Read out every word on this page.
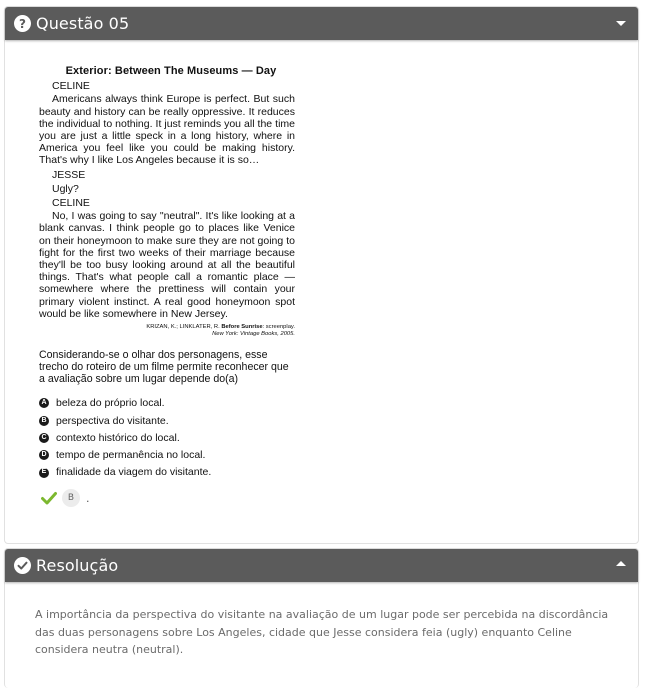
? Questão 05
Exterior: Between The Museums — Day
CELINE

Americans always think Europe is perfect. But such beauty and history can be really oppressive. It reduces the individual to nothing. It just reminds you all the time you are just a little speck in a long history, where in America you feel like you could be making history. That's why I like Los Angeles because it is so…

JESSE
Ugly?
CELINE

No, I was going to say "neutral". It's like looking at a blank canvas. I think people go to places like Venice on their honeymoon to make sure they are not going to fight for the first two weeks of their marriage because they'll be too busy looking around at all the beautiful things. That's what people call a romantic place — somewhere where the prettiness will contain your primary violent instinct. A real good honeymoon spot would be like somewhere in New Jersey.

KRIZAN, K.; LINKLATER, R. Before Sunrise: screenplay.
New York: Vintage Books, 2005.
Considerando-se o olhar dos personagens, esse trecho do roteiro de um filme permite reconhecer que a avaliação sobre um lugar depende do(a)
A beleza do próprio local.
B perspectiva do visitante.
C contexto histórico do local.
D tempo de permanência no local.
E finalidade da viagem do visitante.
B	.
Resolução
A importância da perspectiva do visitante na avaliação de um lugar pode ser percebida na discordância das duas personagens sobre Los Angeles, cidade que Jesse considera feia (ugly) enquanto Celine considera neutra (neutral).
